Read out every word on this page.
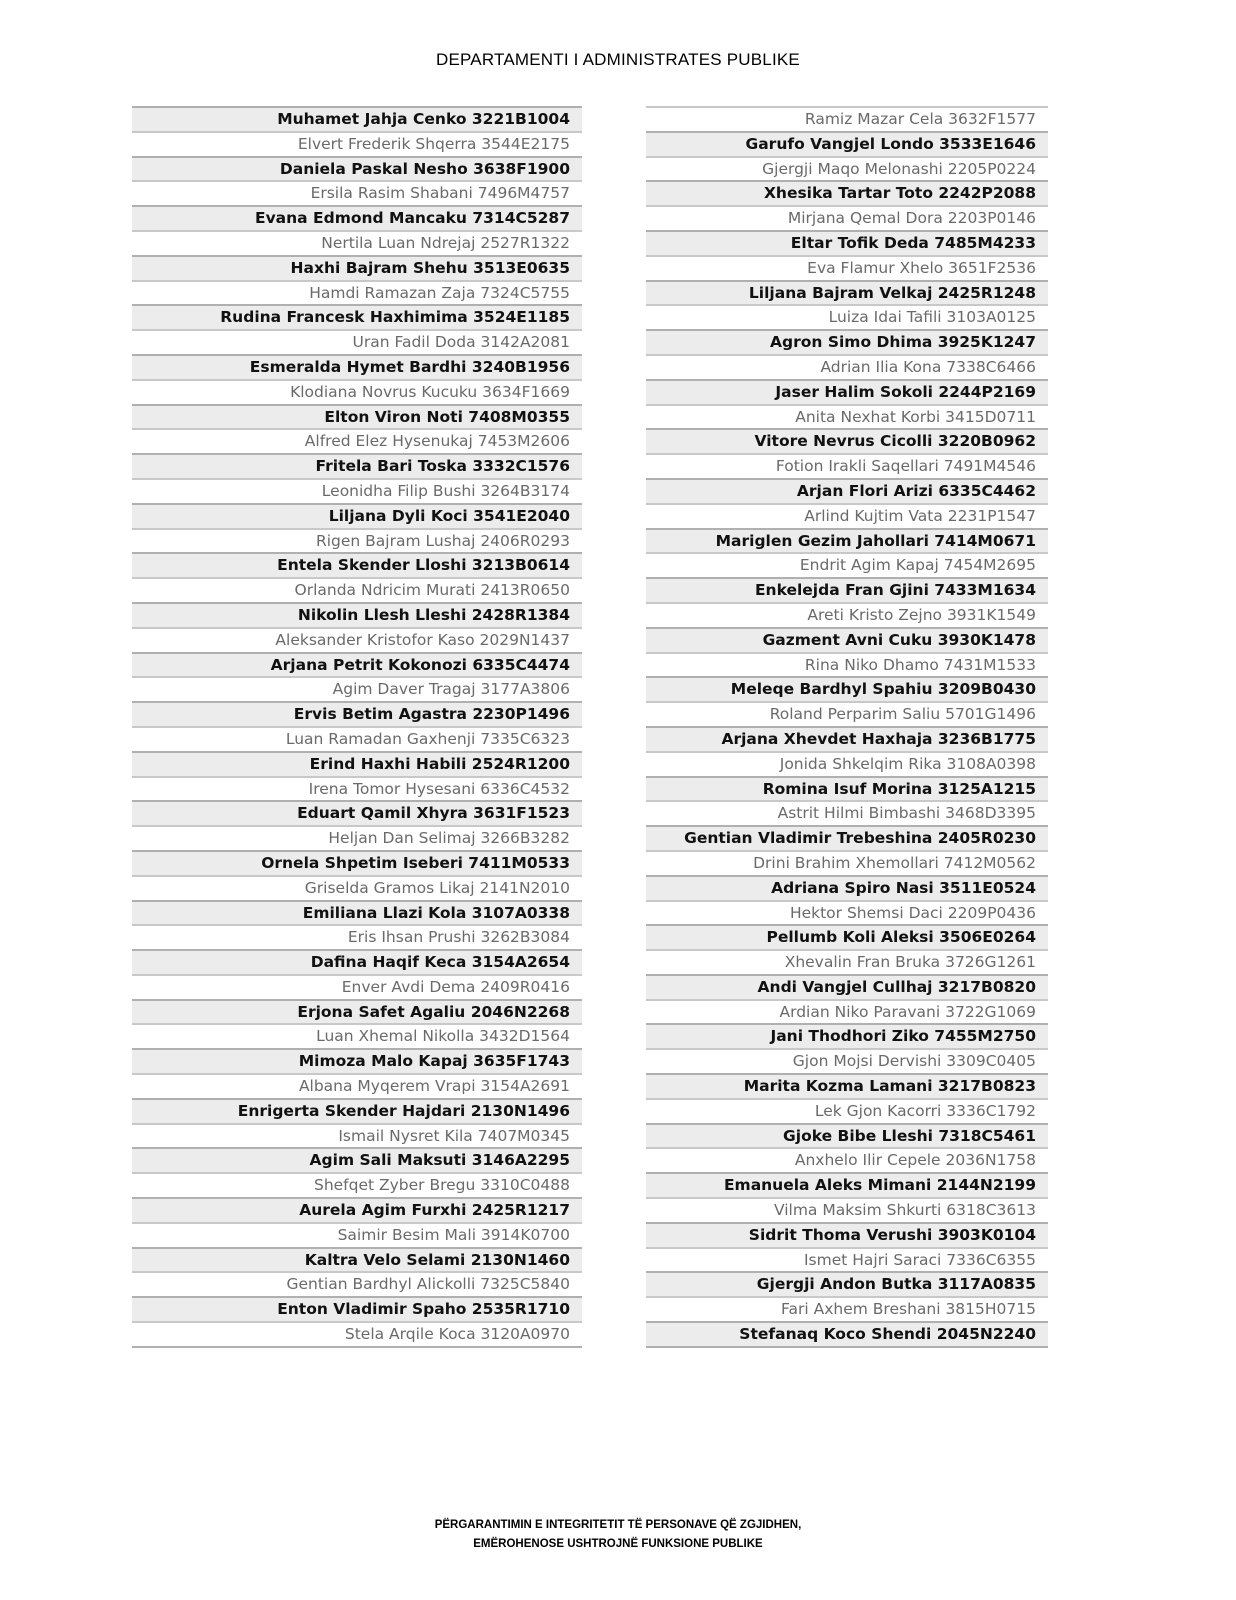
DEPARTAMENTI I ADMINISTRATES PUBLIKE
Muhamet Jahja Cenko 3221B1004
Elvert Frederik Shqerra 3544E2175
Daniela Paskal Nesho 3638F1900
Ersila Rasim Shabani 7496M4757
Evana Edmond Mancaku 7314C5287
Nertila Luan Ndrejaj 2527R1322
Haxhi Bajram Shehu 3513E0635
Hamdi Ramazan Zaja 7324C5755
Rudina Francesk Haxhimima 3524E1185
Uran Fadil Doda 3142A2081
Esmeralda Hymet Bardhi 3240B1956
Klodiana Novrus Kucuku 3634F1669
Elton Viron Noti 7408M0355
Alfred Elez Hysenukaj 7453M2606
Fritela Bari Toska 3332C1576
Leonidha Filip Bushi 3264B3174
Liljana Dyli Koci 3541E2040
Rigen Bajram Lushaj 2406R0293
Entela Skender Lloshi 3213B0614
Orlanda Ndricim Murati 2413R0650
Nikolin Llesh Lleshi 2428R1384
Aleksander Kristofor Kaso 2029N1437
Arjana Petrit Kokonozi 6335C4474
Agim Daver Tragaj 3177A3806
Ervis Betim Agastra 2230P1496
Luan Ramadan Gaxhenji 7335C6323
Erind Haxhi Habili 2524R1200
Irena Tomor Hysesani 6336C4532
Eduart Qamil Xhyra 3631F1523
Heljan Dan Selimaj 3266B3282
Ornela Shpetim Iseberi 7411M0533
Griselda Gramos Likaj 2141N2010
Emiliana Llazi Kola 3107A0338
Eris Ihsan Prushi 3262B3084
Dafina Haqif Keca 3154A2654
Enver Avdi Dema 2409R0416
Erjona Safet Agaliu 2046N2268
Luan Xhemal Nikolla 3432D1564
Mimoza Malo Kapaj 3635F1743
Albana Myqerem Vrapi 3154A2691
Enrigerta Skender Hajdari 2130N1496
Ismail Nysret Kila 7407M0345
Agim Sali Maksuti 3146A2295
Shefqet Zyber Bregu 3310C0488
Aurela Agim Furxhi 2425R1217
Saimir Besim Mali 3914K0700
Kaltra Velo Selami 2130N1460
Gentian Bardhyl Alickolli 7325C5840
Enton Vladimir Spaho 2535R1710
Stela Arqile Koca 3120A0970
Ramiz Mazar Cela 3632F1577
Garufo Vangjel Londo 3533E1646
Gjergji Maqo Melonashi 2205P0224
Xhesika Tartar Toto 2242P2088
Mirjana Qemal Dora 2203P0146
Eltar Tofik Deda 7485M4233
Eva Flamur Xhelo 3651F2536
Liljana Bajram Velkaj 2425R1248
Luiza Idai Tafili 3103A0125
Agron Simo Dhima 3925K1247
Adrian Ilia Kona 7338C6466
Jaser Halim Sokoli 2244P2169
Anita Nexhat Korbi 3415D0711
Vitore Nevrus Cicolli 3220B0962
Fotion Irakli Saqellari 7491M4546
Arjan Flori Arizi 6335C4462
Arlind Kujtim Vata 2231P1547
Mariglen Gezim Jahollari 7414M0671
Endrit Agim Kapaj 7454M2695
Enkelejda Fran Gjini 7433M1634
Areti Kristo Zejno 3931K1549
Gazment Avni Cuku 3930K1478
Rina Niko Dhamo 7431M1533
Meleqe Bardhyl Spahiu 3209B0430
Roland Perparim Saliu 5701G1496
Arjana Xhevdet Haxhaja 3236B1775
Jonida Shkelqim Rika 3108A0398
Romina Isuf Morina 3125A1215
Astrit Hilmi Bimbashi 3468D3395
Gentian Vladimir Trebeshina 2405R0230
Drini Brahim Xhemollari 7412M0562
Adriana Spiro Nasi 3511E0524
Hektor Shemsi Daci 2209P0436
Pellumb Koli Aleksi 3506E0264
Xhevalin Fran Bruka 3726G1261
Andi Vangjel Cullhaj 3217B0820
Ardian Niko Paravani 3722G1069
Jani Thodhori Ziko 7455M2750
Gjon Mojsi Dervishi 3309C0405
Marita Kozma Lamani 3217B0823
Lek Gjon Kacorri 3336C1792
Gjoke Bibe Lleshi 7318C5461
Anxhelo Ilir Cepele 2036N1758
Emanuela Aleks Mimani 2144N2199
Vilma Maksim Shkurti 6318C3613
Sidrit Thoma Verushi 3903K0104
Ismet Hajri Saraci 7336C6355
Gjergji Andon Butka 3117A0835
Fari Axhem Breshani 3815H0715
Stefanaq Koco Shendi 2045N2240
PËRGARANTIMIN E INTEGRITETIT TË PERSONAVE QË ZGJIDHEN,
EMËROHENOSE USHTROJNË FUNKSIONE PUBLIKE
